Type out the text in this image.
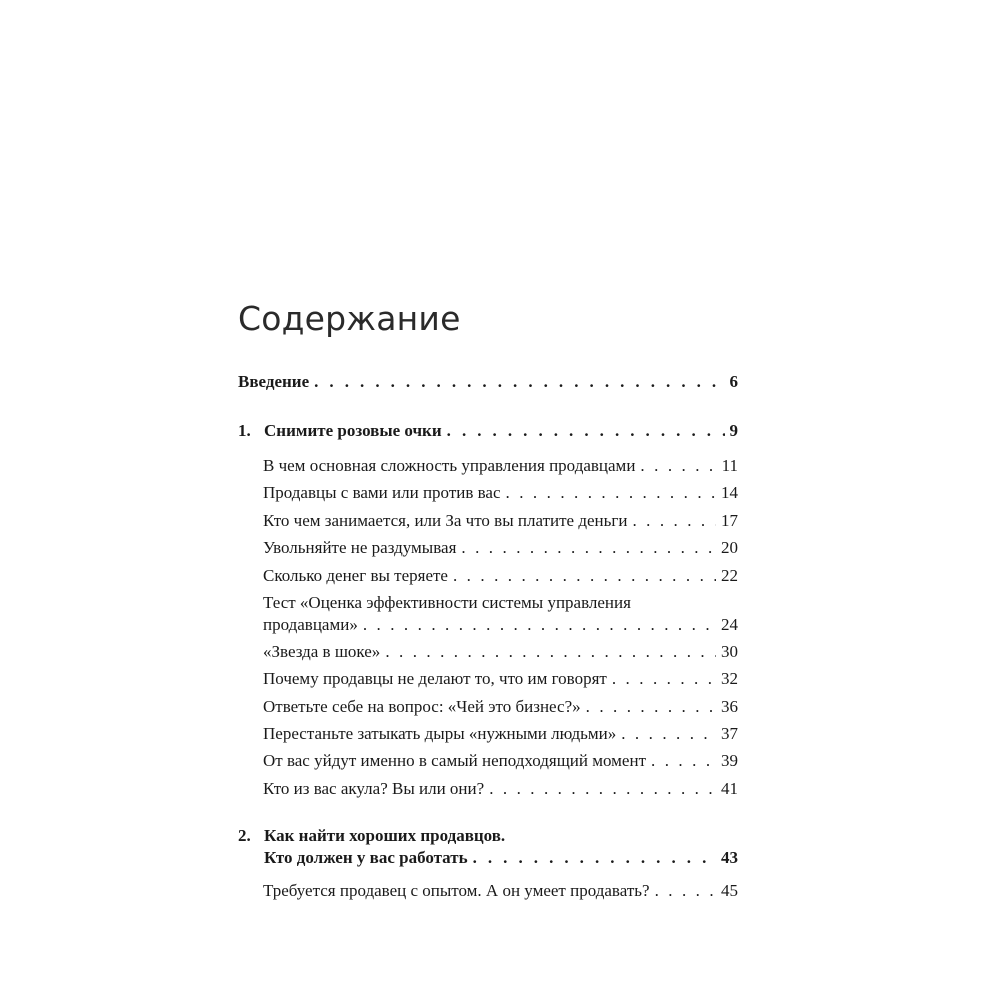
Содержание
Введение . . .	6
1. Снимите розовые очки . . .	9
В чем основная сложность управления продавцами . . .	11
Продавцы с вами или против вас . . .	14
Кто чем занимается, или За что вы платите деньги . . .	17
Увольняйте не раздумывая . . .	20
Сколько денег вы теряете . . .	22
Тест «Оценка эффективности системы управления
продавцами» . . .	24
«Звезда в шоке» . . .	30
Почему продавцы не делают то, что им говорят . . .	32
Ответьте себе на вопрос: «Чей это бизнес?» . . .	36
Перестаньте затыкать дыры «нужными людьми» . . .	37
От вас уйдут именно в самый неподходящий момент . . .	39
Кто из вас акула? Вы или они? . . .	41
2. Как найти хороших продавцов.
Кто должен у вас работать . . .	43
Требуется продавец с опытом. А он умеет продавать? . . .	45
